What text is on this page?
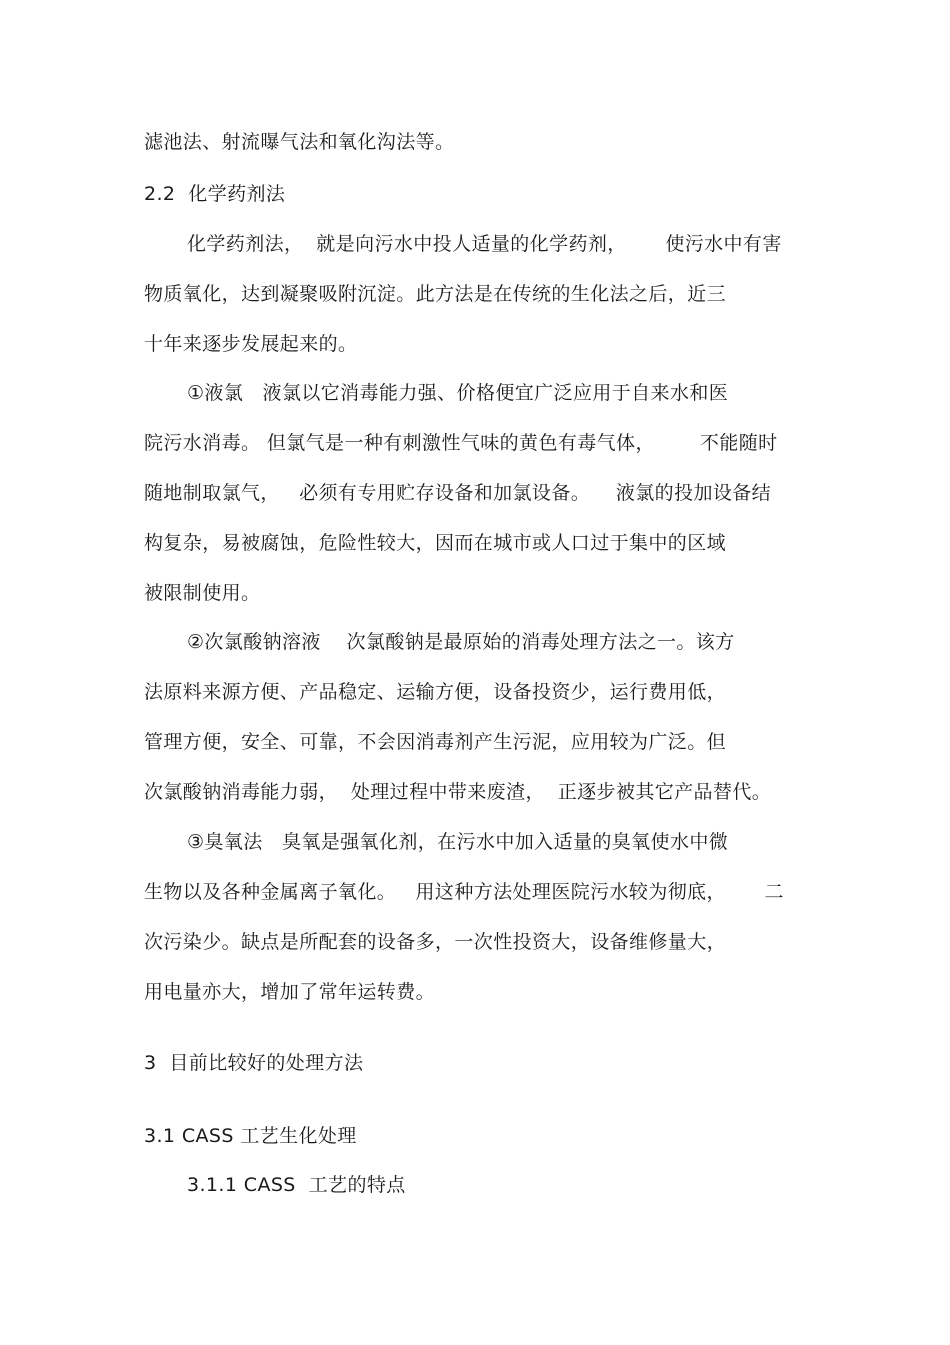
滤池法、射流曝气法和氧化沟法等。
2.2  化学药剂法
化学药剂法，  就是向污水中投人适量的化学药剂，      使污水中有害
物质氧化，达到凝聚吸附沉淀。此方法是在传统的生化法之后，近三
十年来逐步发展起来的。
①液氯   液氯以它消毒能力强、价格便宜广泛应用于自来水和医
院污水消毒。 但氯气是一种有刺激性气味的黄色有毒气体，       不能随时
随地制取氯气，   必须有专用贮存设备和加氯设备。    液氯的投加设备结
构复杂，易被腐蚀，危险性较大，因而在城市或人口过于集中的区域
被限制使用。
②次氯酸钠溶液    次氯酸钠是最原始的消毒处理方法之一。该方
法原料来源方便、产品稳定、运输方便，设备投资少，运行费用低，
管理方便，安全、可靠，不会因消毒剂产生污泥，应用较为广泛。但
次氯酸钠消毒能力弱，  处理过程中带来废渣，  正逐步被其它产品替代。
③臭氧法   臭氧是强氧化剂，在污水中加入适量的臭氧使水中微
生物以及各种金属离子氧化。   用这种方法处理医院污水较为彻底，      二
次污染少。缺点是所配套的设备多，一次性投资大，设备维修量大，
用电量亦大，增加了常年运转费。
3  目前比较好的处理方法
3.1 CASS 工艺生化处理
3.1.1 CASS  工艺的特点
